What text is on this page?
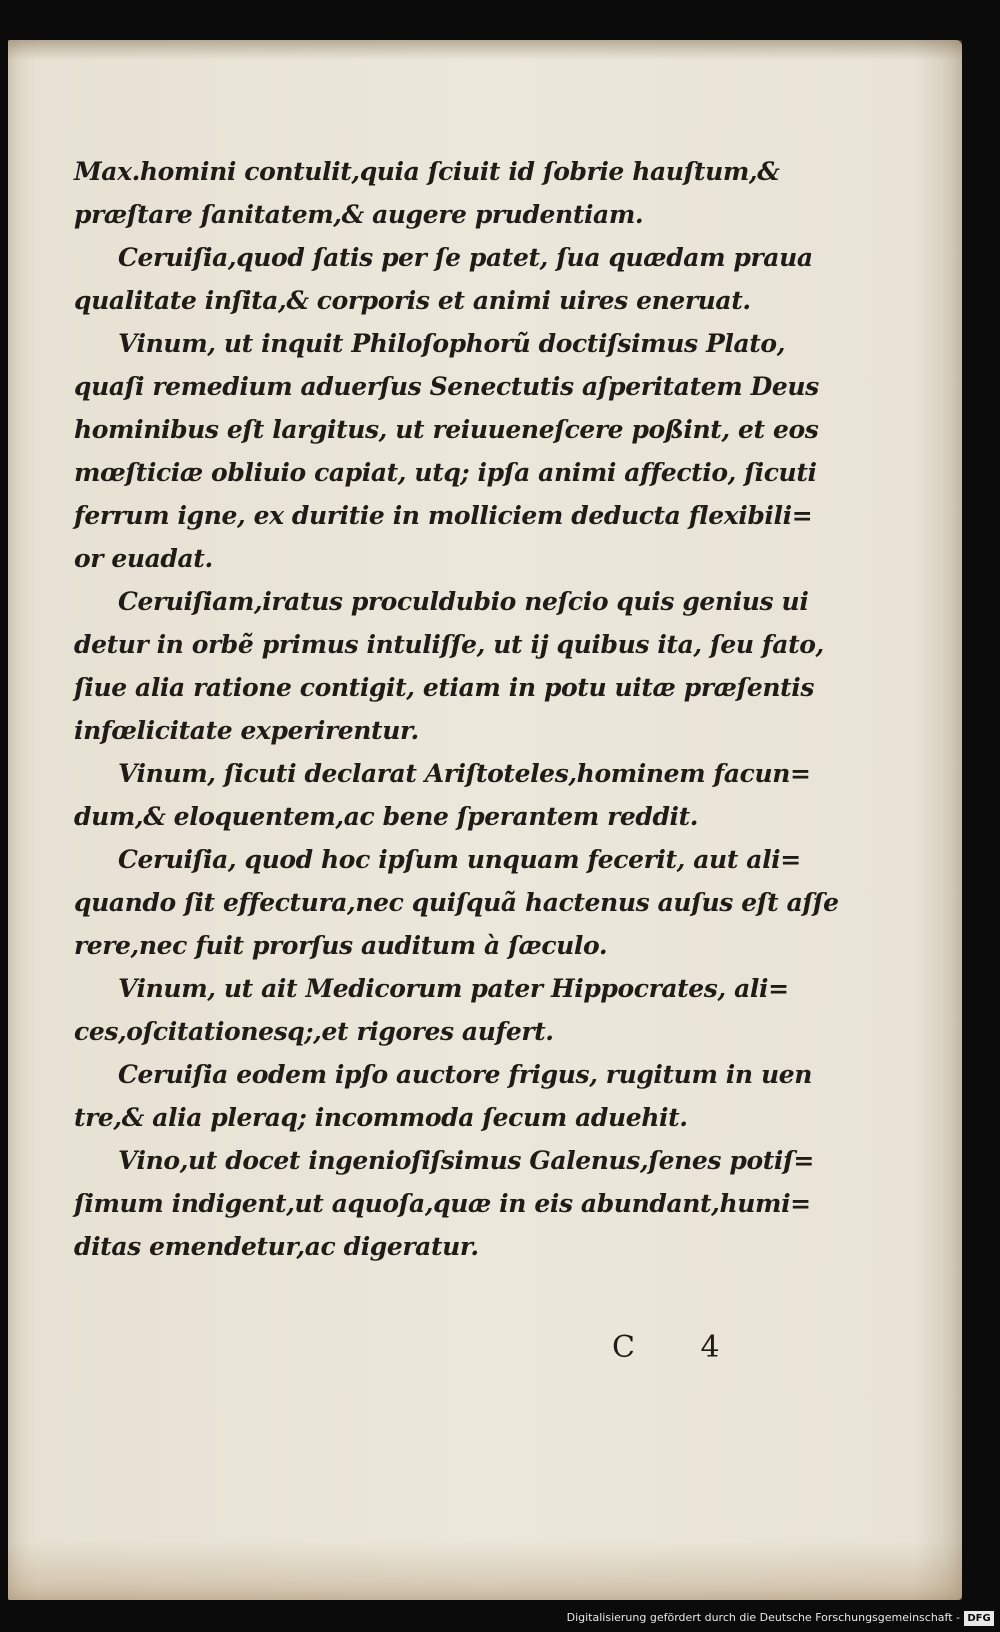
Max.homini contulit,quia ſciuit id ſobrie hauſtum,&
præſtare ſanitatem,& augere prudentiam.
Ceruiſia,quod ſatis per ſe patet, ſua quædam praua
qualitate inſita,& corporis et animi uires eneruat.
Vinum, ut inquit Philoſophorũ doctiſsimus Plato,
quaſi remedium aduerſus Senectutis aſperitatem Deus
hominibus eſt largitus, ut reiuueneſcere poßint, et eos
mœſticiæ obliuio capiat, utq; ipſa animi affectio, ſicuti
ferrum igne, ex duritie in molliciem deducta flexibili=
or euadat.
Ceruiſiam,iratus proculdubio neſcio quis genius ui
detur in orbẽ primus intuliſſe, ut ij quibus ita, ſeu fato,
ſiue alia ratione contigit, etiam in potu uitæ præſentis
infœlicitate experirentur.
Vinum, ſicuti declarat Ariſtoteles,hominem facun=
dum,& eloquentem,ac bene ſperantem reddit.
Ceruiſia, quod hoc ipſum unquam fecerit, aut ali=
quando ſit effectura,nec quiſquã hactenus auſus eſt aſſe
rere,nec fuit prorſus auditum à ſæculo.
Vinum, ut ait Medicorum pater Hippocrates, ali=
ces,oſcitationesq;,et rigores aufert.
Ceruiſia eodem ipſo auctore frigus, rugitum in uen
tre,& alia pleraq; incommoda ſecum aduehit.
Vino,ut docet ingenioſiſsimus Galenus,ſenes potiſ=
ſimum indigent,ut aquoſa,quæ in eis abundant,humi=
ditas emendetur,ac digeratur.
C 4
Digitalisierung gefördert durch die Deutsche Forschungsgemeinschaft - DFG
